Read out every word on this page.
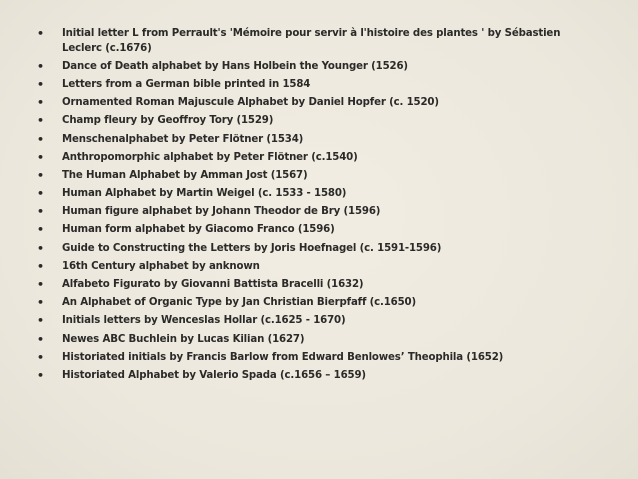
• Initial letter L from Perrault's 'Mémoire pour servir à l'histoire des plantes ' by Sébastien Leclerc (c.1676)
• Dance of Death alphabet by Hans Holbein the Younger (1526)
• Letters from a German bible printed in 1584
• Ornamented Roman Majuscule Alphabet by Daniel Hopfer (c. 1520)
• Champ fleury by Geoffroy Tory (1529)
• Menschenalphabet by Peter Flötner (1534)
• Anthropomorphic alphabet by Peter Flötner (c.1540)
• The Human Alphabet by Amman Jost (1567)
• Human Alphabet by Martin Weigel (c. 1533 - 1580)
• Human figure alphabet by Johann Theodor de Bry (1596)
• Human form alphabet by Giacomo Franco (1596)
• Guide to Constructing the Letters by Joris Hoefnagel (c. 1591-1596)
• 16th Century alphabet by anknown
• Alfabeto Figurato by Giovanni Battista Bracelli (1632)
• An Alphabet of Organic Type by Jan Christian Bierpfaff (c.1650)
• Initials letters by Wenceslas Hollar (c.1625 - 1670)
• Newes ABC Buchlein by Lucas Kilian (1627)
• Historiated initials by Francis Barlow from Edward Benlowes’ Theophila (1652)
• Historiated Alphabet by Valerio Spada (c.1656 – 1659)
